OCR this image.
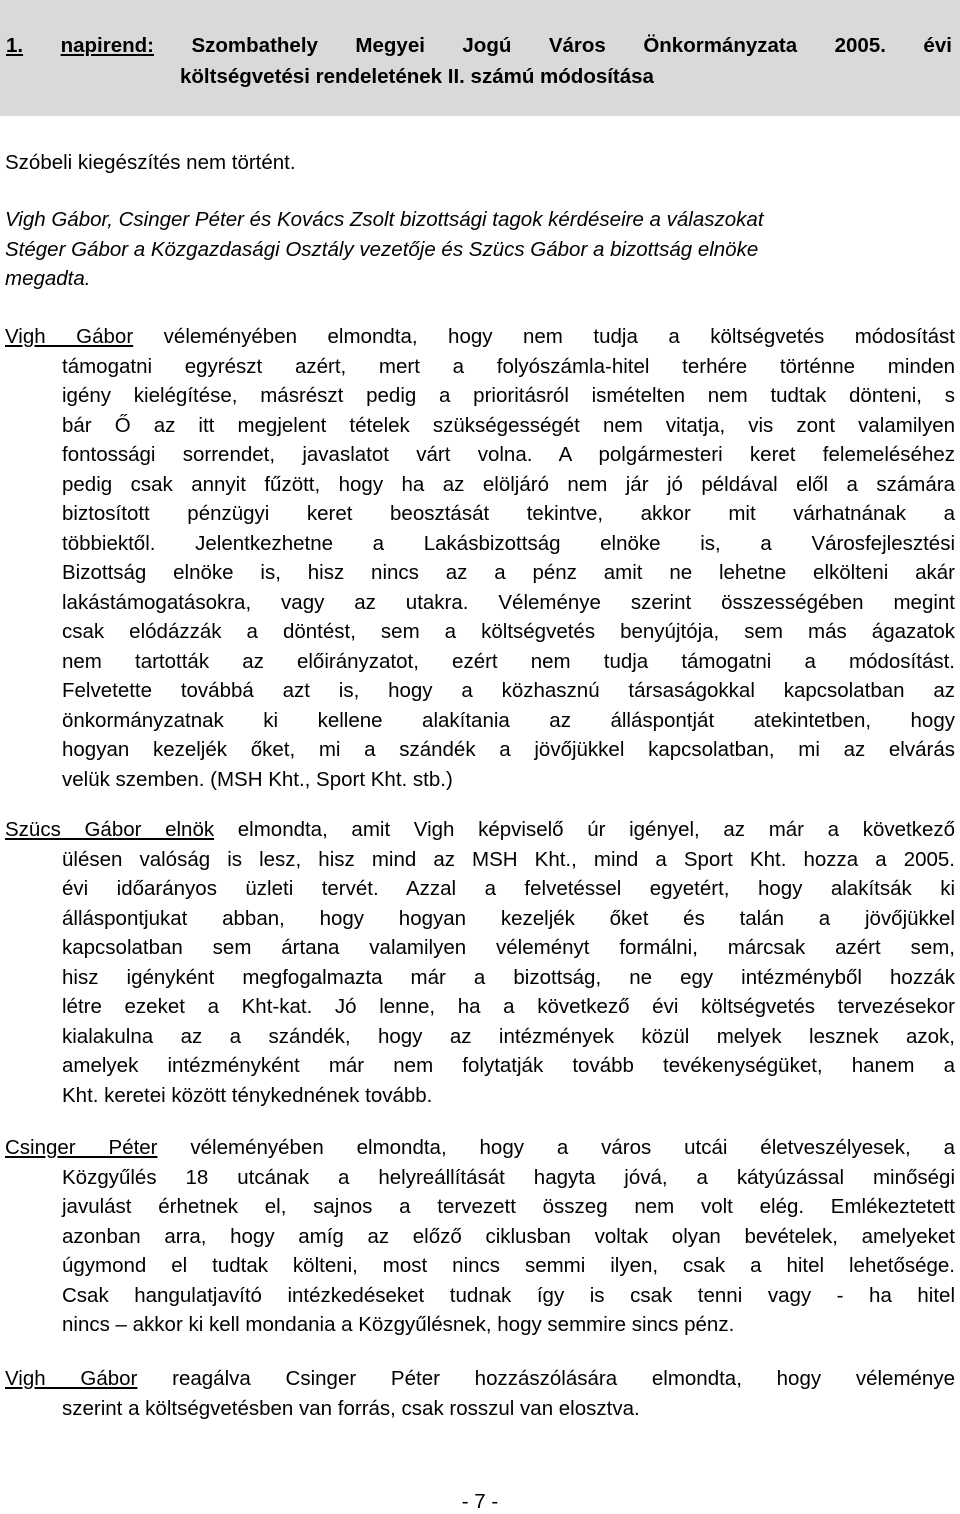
1. napirend: Szombathely Megyei Jogú Város Önkormányzata 2005. évi
költségvetési rendeletének II. számú módosítása
Szóbeli kiegészítés nem történt.
Vigh Gábor, Csinger Péter és Kovács Zsolt bizottsági tagok kérdéseire a válaszokat
Stéger Gábor a Közgazdasági Osztály vezetője és Szücs Gábor a bizottság elnöke
megadta.
Vigh Gábor véleményében elmondta, hogy nem tudja a költségvetés módosítást
támogatni egyrészt azért, mert a folyószámla-hitel terhére történne minden
igény kielégítése, másrészt pedig a prioritásról ismételten nem tudtak dönteni, s
bár Ő az itt megjelent tételek szükségességét nem vitatja, vis zont valamilyen
fontossági sorrendet, javaslatot várt volna. A polgármesteri keret felemeléséhez
pedig csak annyit fűzött, hogy ha az elöljáró nem jár jó példával elől a számára
biztosított pénzügyi keret beosztását tekintve, akkor mit várhatnának a
többiektől. Jelentkezhetne a Lakásbizottság elnöke is, a Városfejlesztési
Bizottság elnöke is, hisz nincs az a pénz amit ne lehetne elkölteni akár
lakástámogatásokra, vagy az utakra. Véleménye szerint összességében megint
csak elódázzák a döntést, sem a költségvetés benyújtója, sem más ágazatok
nem tartották az előirányzatot, ezért nem tudja támogatni a módosítást.
Felvetette továbbá azt is, hogy a közhasznú társaságokkal kapcsolatban az
önkormányzatnak ki kellene alakítania az álláspontját atekintetben, hogy
hogyan kezeljék őket, mi a szándék a jövőjükkel kapcsolatban, mi az elvárás
velük szemben. (MSH Kht., Sport Kht. stb.)
Szücs Gábor elnök elmondta, amit Vigh képviselő úr igényel, az már a következő
ülésen valóság is lesz, hisz mind az MSH Kht., mind a Sport Kht. hozza a 2005.
évi időarányos üzleti tervét. Azzal a felvetéssel egyetért, hogy alakítsák ki
álláspontjukat abban, hogy hogyan kezeljék őket és talán a jövőjükkel
kapcsolatban sem ártana valamilyen véleményt formálni, márcsak azért sem,
hisz igényként megfogalmazta már a bizottság, ne egy intézményből hozzák
létre ezeket a Kht-kat. Jó lenne, ha a következő évi költségvetés tervezésekor
kialakulna az a szándék, hogy az intézmények közül melyek lesznek azok,
amelyek intézményként már nem folytatják tovább tevékenységüket, hanem a
Kht. keretei között ténykednének tovább.
Csinger Péter véleményében elmondta, hogy a város utcái életveszélyesek, a
Közgyűlés 18 utcának a helyreállítását hagyta jóvá, a kátyúzással minőségi
javulást érhetnek el, sajnos a tervezett összeg nem volt elég. Emlékeztetett
azonban arra, hogy amíg az előző ciklusban voltak olyan bevételek, amelyeket
úgymond el tudtak költeni, most nincs semmi ilyen, csak a hitel lehetősége.
Csak hangulatjavító intézkedéseket tudnak így is csak tenni vagy - ha hitel
nincs – akkor ki kell mondania a Közgyűlésnek, hogy semmire sincs pénz.
Vigh Gábor reagálva Csinger Péter hozzászólására elmondta, hogy véleménye
szerint a költségvetésben van forrás, csak rosszul van elosztva.
- 7 -
